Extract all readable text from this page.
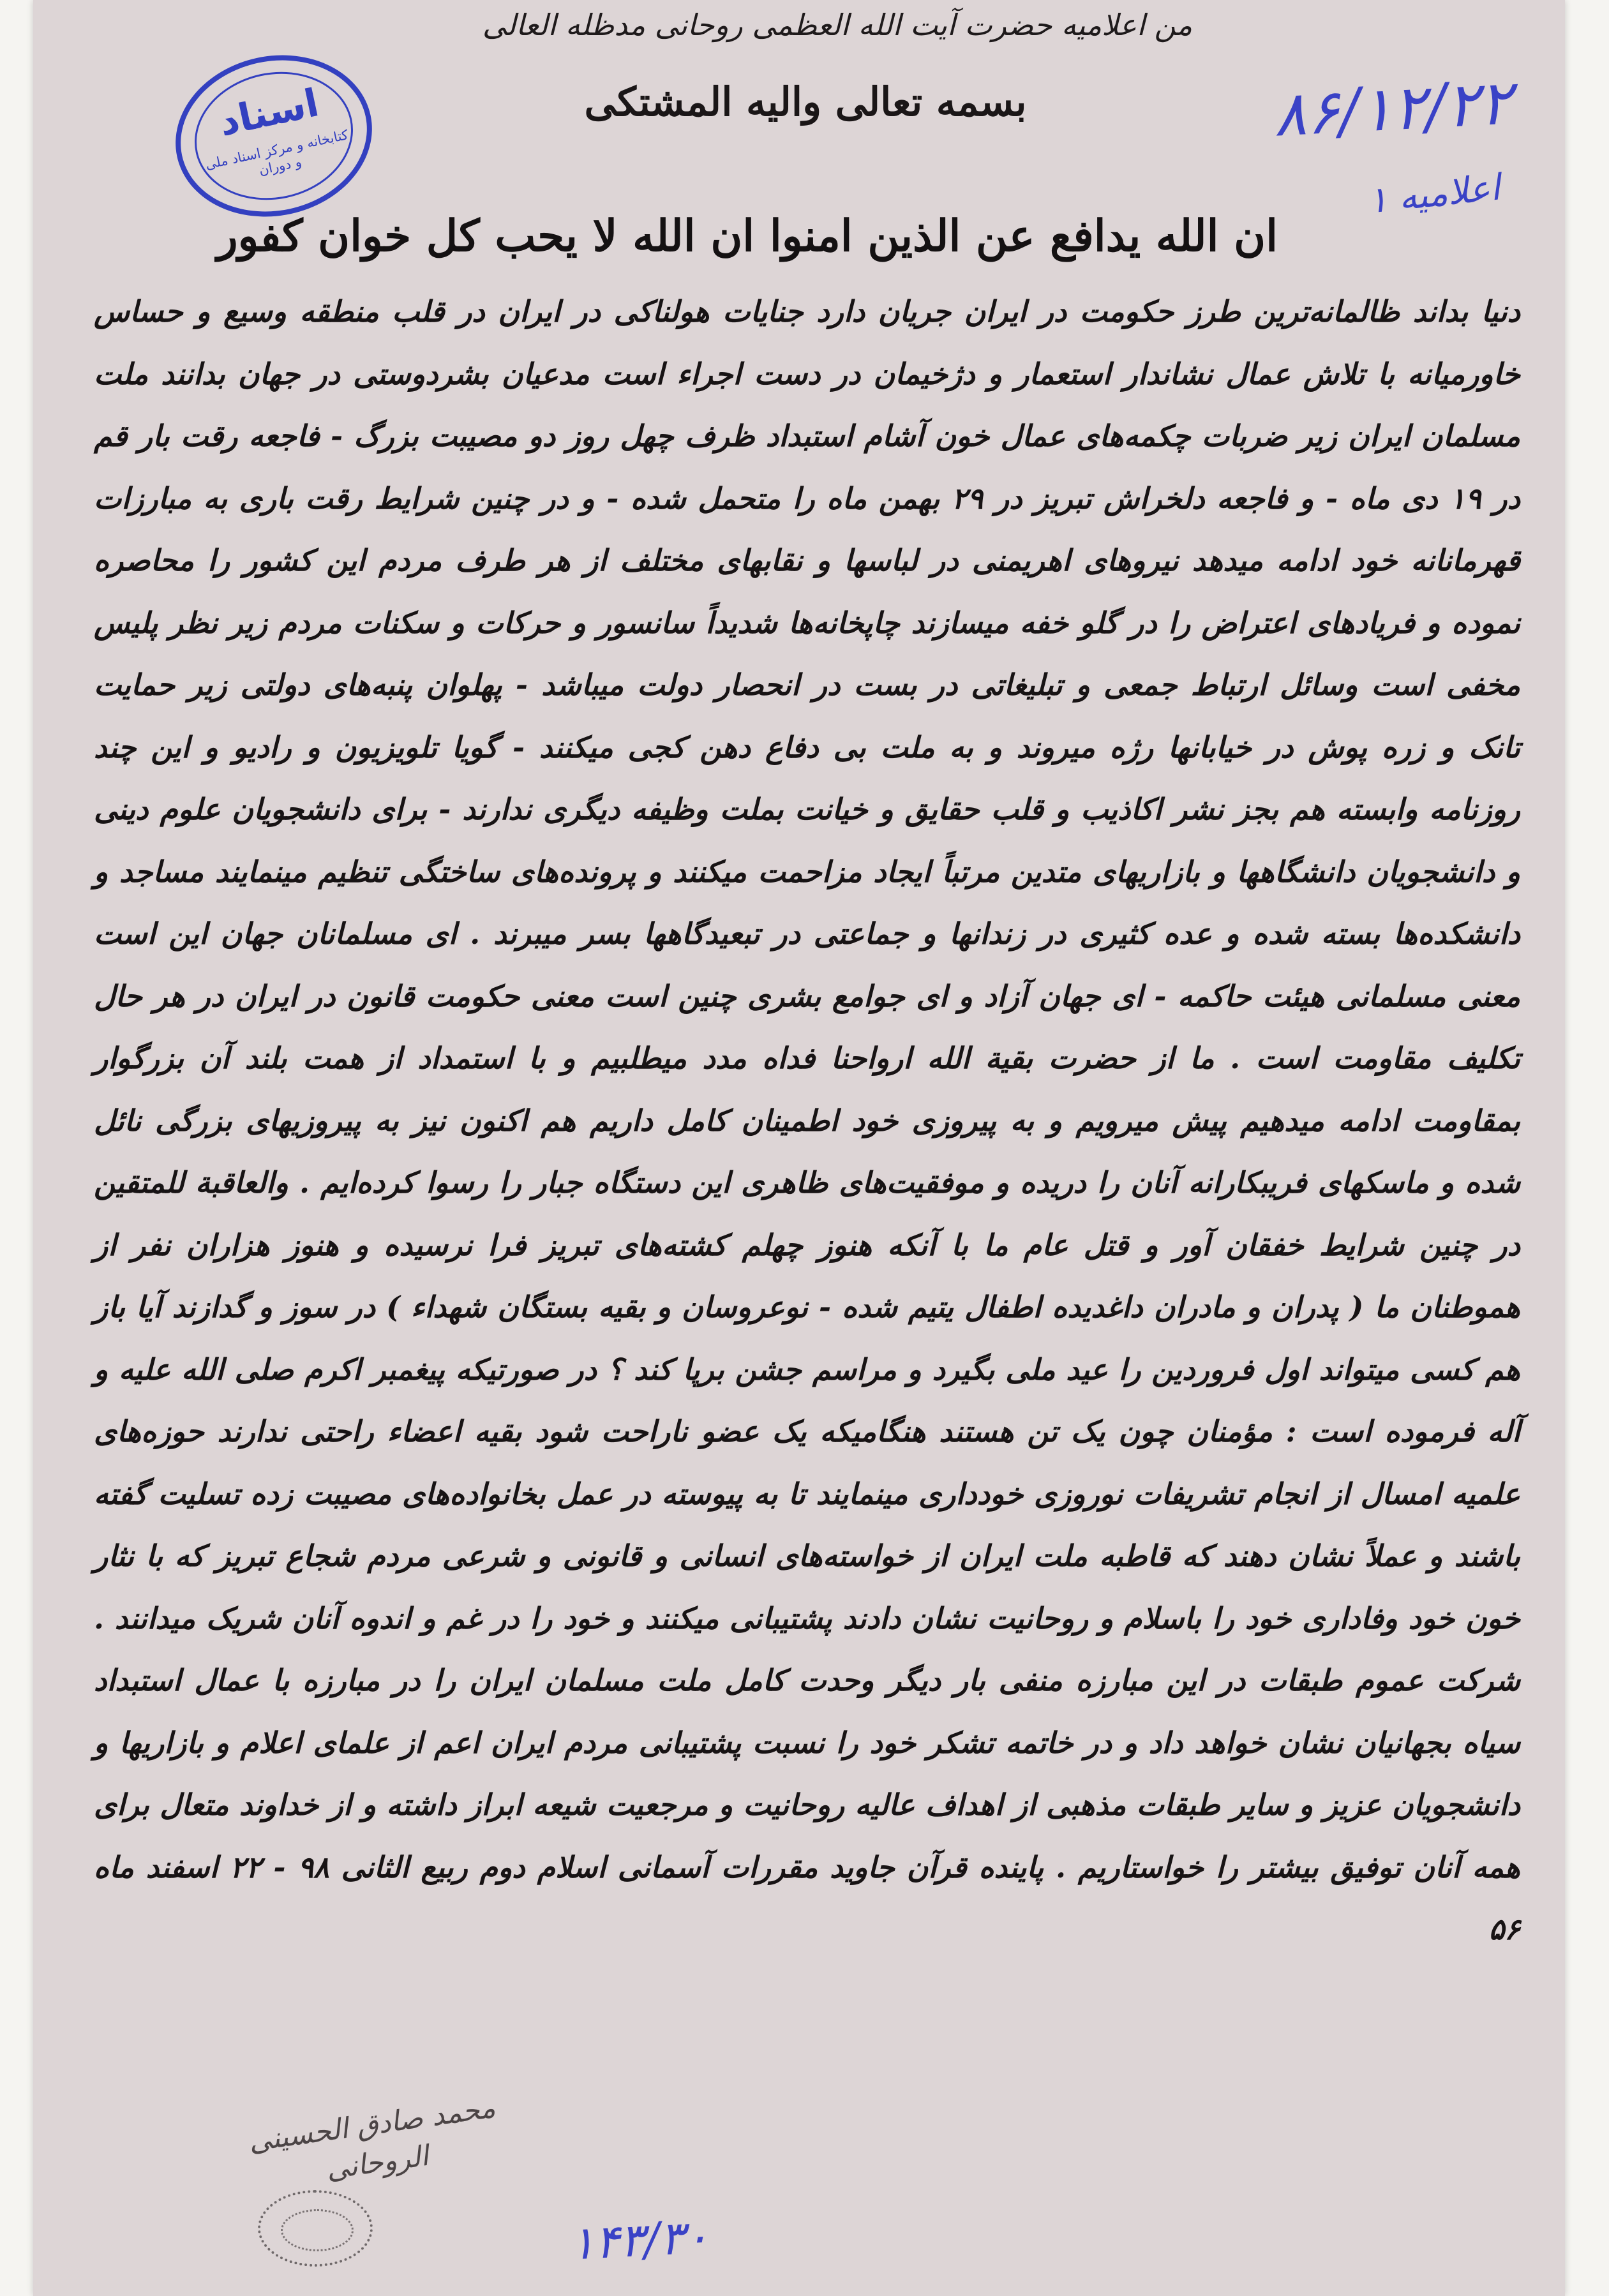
من اعلامیه حضرت آیت الله العظمی روحانی مدظله العالی
اسناد
کتابخانه و مرکز اسناد ملی و دوران
بسمه تعالی والیه المشتکی	۸۶/۱۲/۲۲
اعلامیه ۱
ان الله یدافع عن الذین امنوا ان الله لا یحب کل خوان کفور
دنیا بداند ظالمانه‌ترین طرز حکومت در ایران جریان دارد جنایات هولناکی در ایران در قلب منطقه وسیع و حساس خاورمیانه با تلاش عمال نشاندار استعمار و دژخیمان در دست اجراء است مدعیان بشردوستی در جهان بدانند ملت مسلمان ایران زیر ضربات چکمه‌های عمال خون آشام استبداد ظرف چهل روز دو مصیبت بزرگ - فاجعه رقت بار قم در ۱۹ دی ماه - و فاجعه دلخراش تبریز در ۲۹ بهمن ماه را متحمل شده - و در چنین شرایط رقت باری به مبارزات قهرمانانه خود ادامه میدهد نیروهای اهریمنی در لباسها و نقابهای مختلف از هر طرف مردم این کشور را محاصره نموده و فریادهای اعتراض را در گلو خفه میسازند چاپخانه‌ها شدیداً سانسور و حرکات و سکنات مردم زیر نظر پلیس مخفی است وسائل ارتباط جمعی و تبلیغاتی در بست در انحصار دولت میباشد - پهلوان پنبه‌های دولتی زیر حمایت تانک و زره پوش در خیابانها رژه میروند و به ملت بی دفاع دهن کجی میکنند - گویا تلویزیون و رادیو و این چند روزنامه وابسته هم بجز نشر اکاذیب و قلب حقایق و خیانت بملت وظیفه دیگری ندارند - برای دانشجویان علوم دینی و دانشجویان دانشگاهها و بازاریهای متدین مرتباً ایجاد مزاحمت میکنند و پرونده‌های ساختگی تنظیم مینمایند مساجد و دانشکده‌ها بسته شده و عده کثیری در زندانها و جماعتی در تبعیدگاهها بسر میبرند . ای مسلمانان جهان این است معنی مسلمانی هیئت حاکمه - ای جهان آزاد و ای جوامع بشری چنین است معنی حکومت قانون در ایران در هر حال تکلیف مقاومت است . ما از حضرت بقیة الله ارواحنا فداه مدد میطلبیم و با استمداد از همت بلند آن بزرگوار بمقاومت ادامه میدهیم پیش میرویم و به پیروزی خود اطمینان کامل داریم هم اکنون نیز به پیروزیهای بزرگی نائل شده و ماسکهای فریبکارانه آنان را دریده و موفقیت‌های ظاهری این دستگاه جبار را رسوا کرده‌ایم . والعاقبة للمتقین در چنین شرایط خفقان آور و قتل عام ما با آنکه هنوز چهلم کشته‌های تبریز فرا نرسیده و هنوز هزاران نفر از هموطنان ما ( پدران و مادران داغدیده اطفال یتیم شده - نوعروسان و بقیه بستگان شهداء ) در سوز و گدازند آیا باز هم کسی میتواند اول فروردین را عید ملی بگیرد و مراسم جشن برپا کند ؟ در صورتیکه پیغمبر اکرم صلی الله علیه و آله فرموده است : مؤمنان چون یک تن هستند هنگامیکه یک عضو ناراحت شود بقیه اعضاء راحتی ندارند حوزه‌های علمیه امسال از انجام تشریفات نوروزی خودداری مینمایند تا به پیوسته در عمل بخانواده‌های مصیبت زده تسلیت گفته باشند و عملاً نشان دهند که قاطبه ملت ایران از خواسته‌های انسانی و قانونی و شرعی مردم شجاع تبریز که با نثار خون خود وفاداری خود را باسلام و روحانیت نشان دادند پشتیبانی میکنند و خود را در غم و اندوه آنان شریک میدانند . شرکت عموم طبقات در این مبارزه منفی بار دیگر وحدت کامل ملت مسلمان ایران را در مبارزه با عمال استبداد سیاه بجهانیان نشان خواهد داد و در خاتمه تشکر خود را نسبت پشتیبانی مردم ایران اعم از علمای اعلام و بازاریها و دانشجویان عزیز و سایر طبقات مذهبی از اهداف عالیه روحانیت و مرجعیت شیعه ابراز داشته و از خداوند متعال برای همه آنان توفیق بیشتر را خواستاریم . پاینده قرآن جاوید مقررات آسمانی اسلام دوم ربیع الثانی ۹۸ - ۲۲ اسفند ماه ۵۶
محمد صادق الحسینی الروحانی
۱۴۳/۳۰
